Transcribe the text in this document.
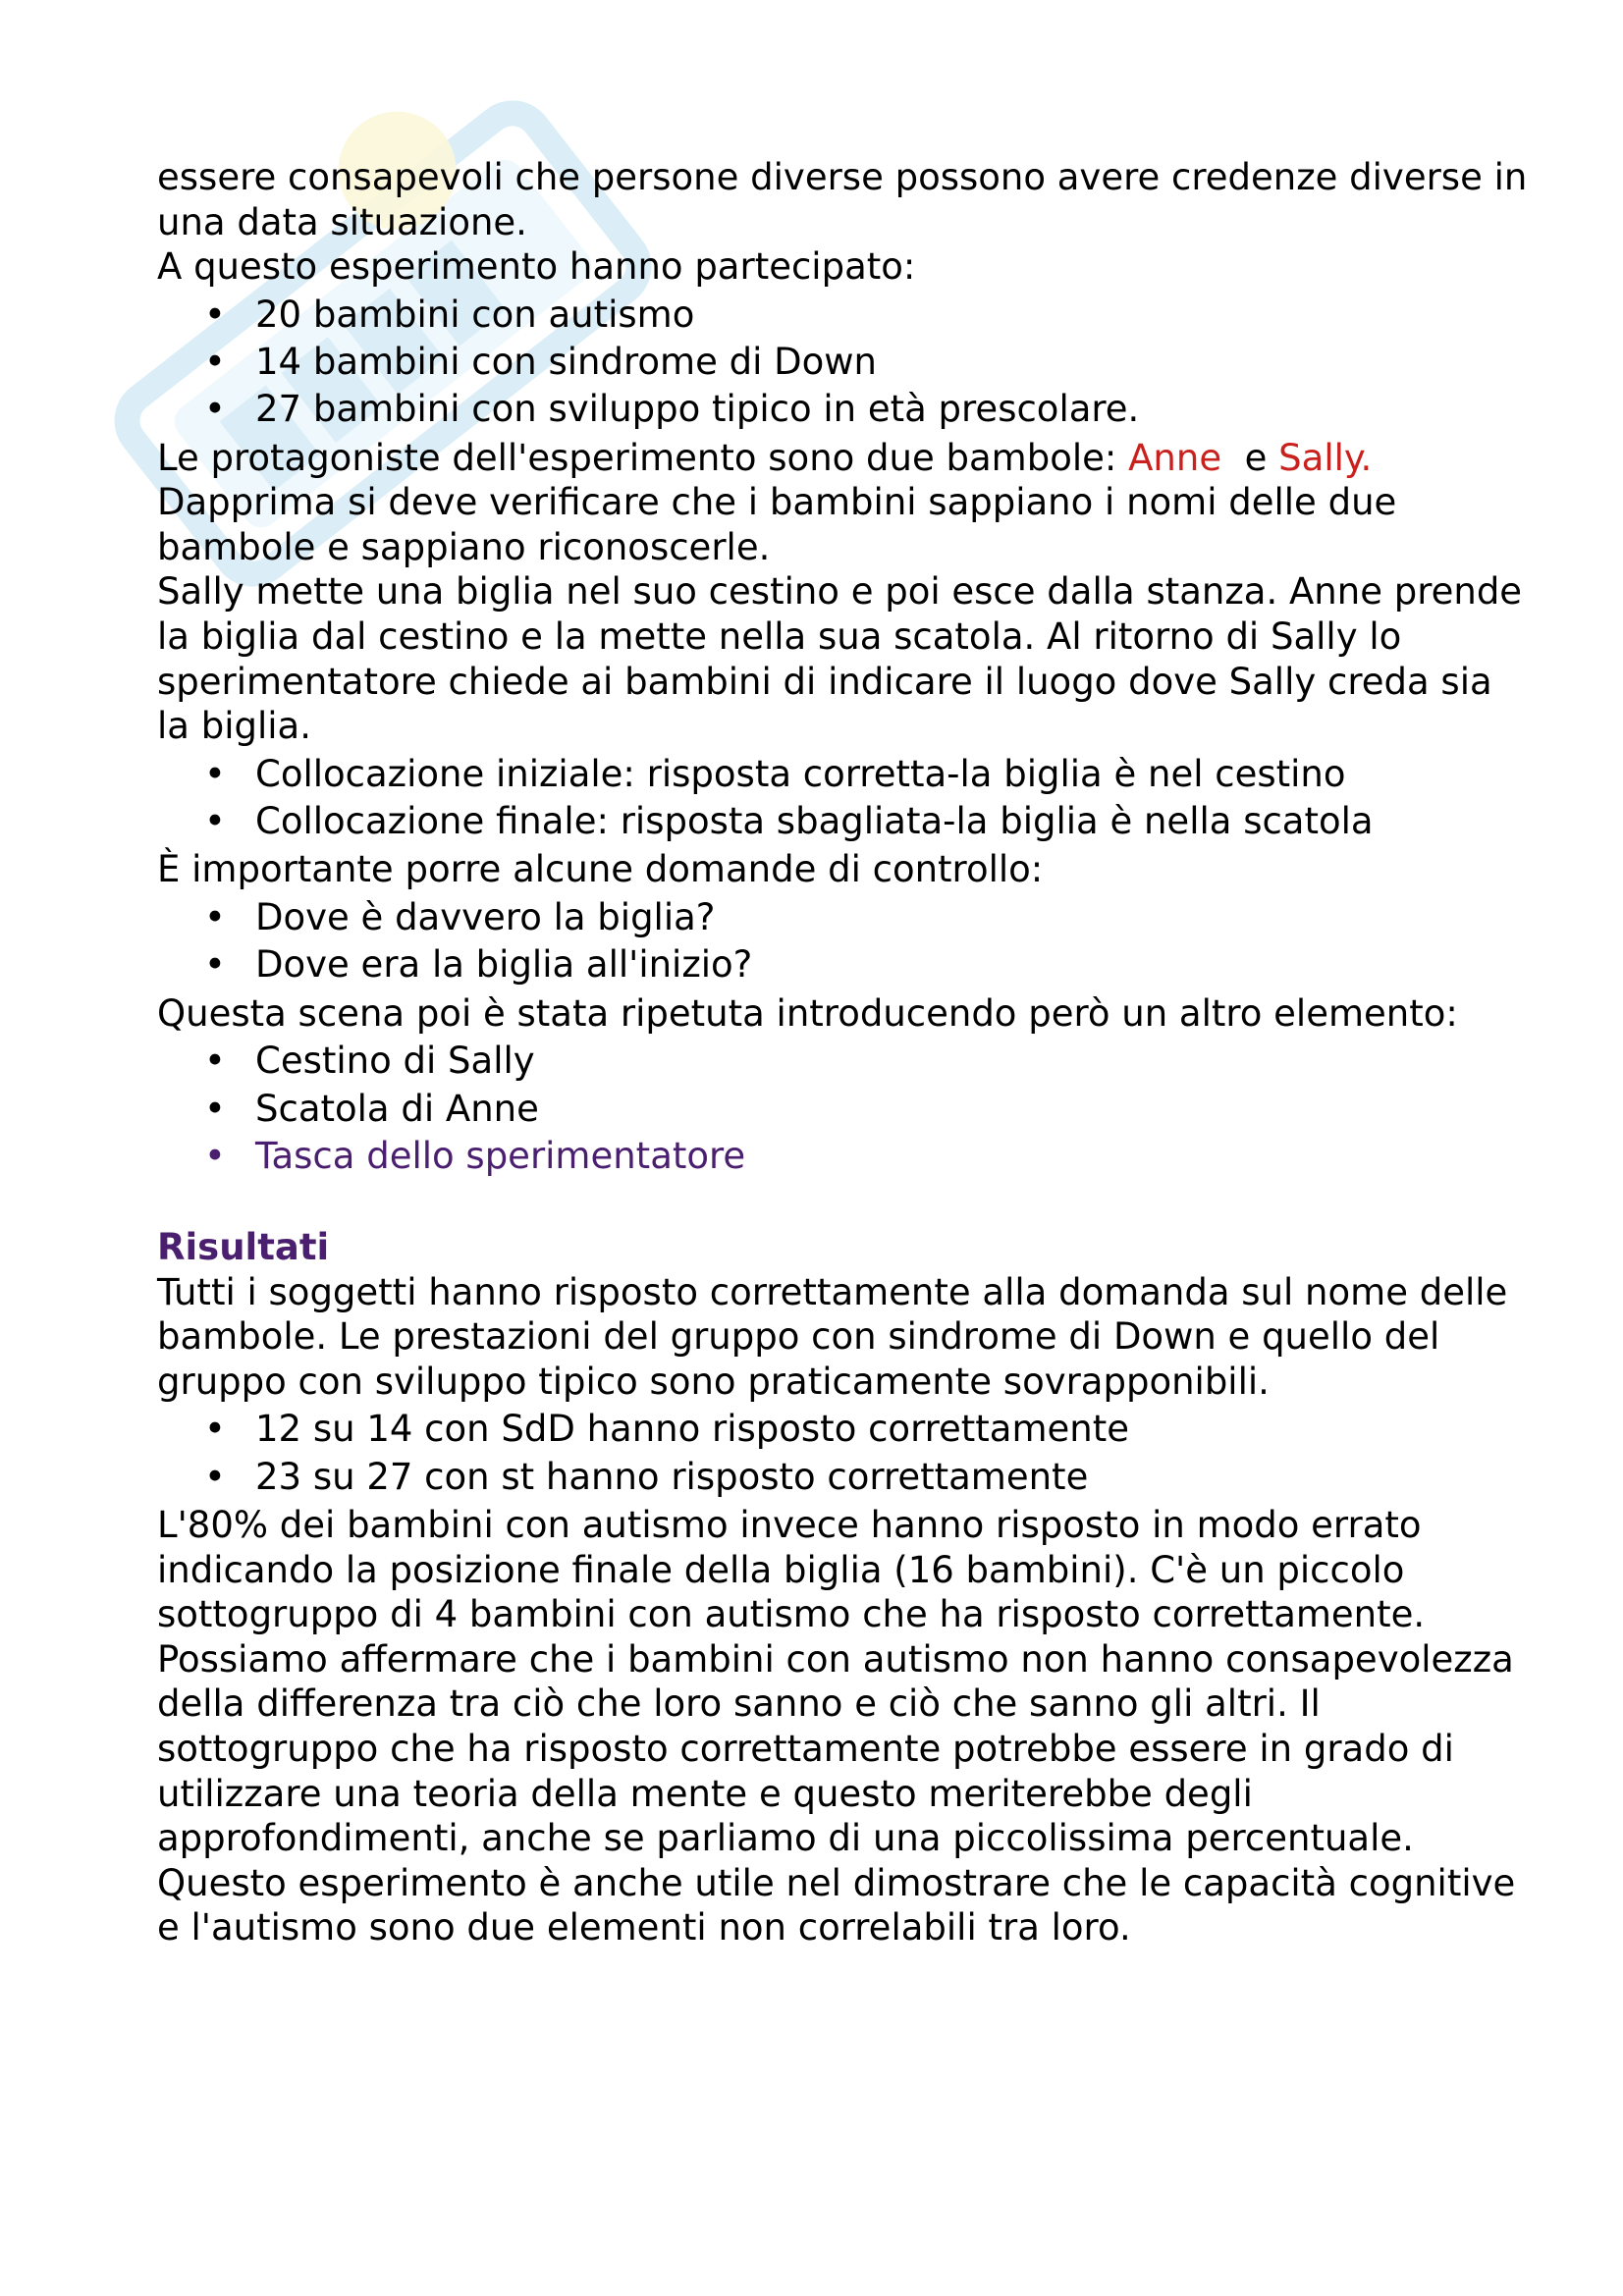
essere consapevoli che persone diverse possono avere credenze diverse in una data situazione.

A questo esperimento hanno partecipato:

• 20 bambini con autismo
• 14 bambini con sindrome di Down
• 27 bambini con sviluppo tipico in età prescolare.

Le protagoniste dell'esperimento sono due bambole: Anne  e Sally.

Dapprima si deve verificare che i bambini sappiano i nomi delle due bambole e sappiano riconoscerle.

Sally mette una biglia nel suo cestino e poi esce dalla stanza. Anne prende la biglia dal cestino e la mette nella sua scatola. Al ritorno di Sally lo sperimentatore chiede ai bambini di indicare il luogo dove Sally creda sia la biglia.

• Collocazione iniziale: risposta corretta-la biglia è nel cestino
• Collocazione finale: risposta sbagliata-la biglia è nella scatola

È importante porre alcune domande di controllo:

• Dove è davvero la biglia?
• Dove era la biglia all'inizio?

Questa scena poi è stata ripetuta introducendo però un altro elemento:

• Cestino di Sally
• Scatola di Anne
• Tasca dello sperimentatore

Risultati

Tutti i soggetti hanno risposto correttamente alla domanda sul nome delle bambole. Le prestazioni del gruppo con sindrome di Down e quello del gruppo con sviluppo tipico sono praticamente sovrapponibili.

• 12 su 14 con SdD hanno risposto correttamente
• 23 su 27 con st hanno risposto correttamente

L'80% dei bambini con autismo invece hanno risposto in modo errato indicando la posizione finale della biglia (16 bambini). C'è un piccolo sottogruppo di 4 bambini con autismo che ha risposto correttamente.

Possiamo affermare che i bambini con autismo non hanno consapevolezza della differenza tra ciò che loro sanno e ciò che sanno gli altri. Il sottogruppo che ha risposto correttamente potrebbe essere in grado di utilizzare una teoria della mente e questo meriterebbe degli approfondimenti, anche se parliamo di una piccolissima percentuale.

Questo esperimento è anche utile nel dimostrare che le capacità cognitive e l'autismo sono due elementi non correlabili tra loro.
